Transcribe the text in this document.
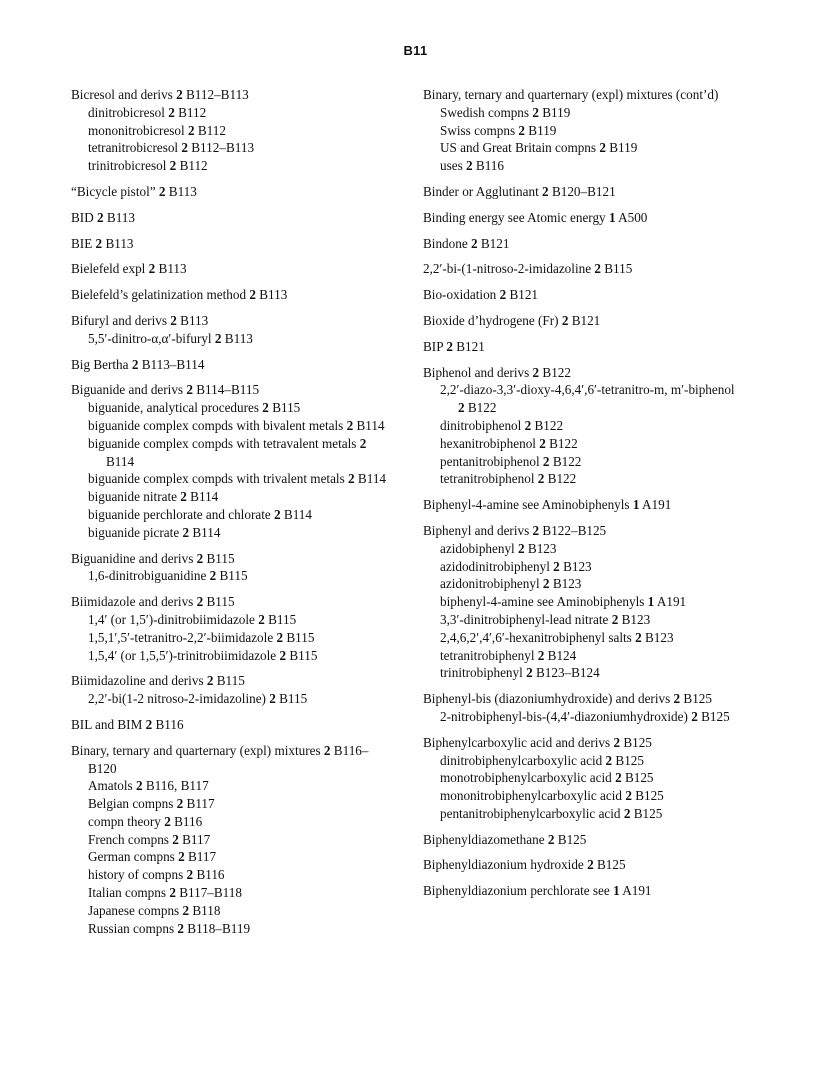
B11
Bicresol and derivs 2 B112–B113
dinitrobicresol 2 B112
mononitrobicresol 2 B112
tetranitrobicresol 2 B112–B113
trinitrobicresol 2 B112
“Bicycle pistol” 2 B113
BID 2 B113
BIE 2 B113
Bielefeld expl 2 B113
Bielefeld’s gelatinization method 2 B113
Bifuryl and derivs 2 B113
5,5′-dinitro-α,α′-bifuryl 2 B113
Big Bertha 2 B113–B114
Biguanide and derivs 2 B114–B115
biguanide, analytical procedures 2 B115
biguanide complex compds with bivalent metals 2 B114
biguanide complex compds with tetravalent metals 2 B114
biguanide complex compds with trivalent metals 2 B114
biguanide nitrate 2 B114
biguanide perchlorate and chlorate 2 B114
biguanide picrate 2 B114
Biguanidine and derivs 2 B115
1,6-dinitrobiguanidine 2 B115
Biimidazole and derivs 2 B115
1,4′ (or 1,5′)-dinitrobiimidazole 2 B115
1,5,1′,5′-tetranitro-2,2′-biimidazole 2 B115
1,5,4′ (or 1,5,5′)-trinitrobiimidazole 2 B115
Biimidazoline and derivs 2 B115
2,2′-bi(1-2 nitroso-2-imidazoline) 2 B115
BIL and BIM 2 B116
Binary, ternary and quarternary (expl) mixtures 2 B116–B120
Amatols 2 B116, B117
Belgian compns 2 B117
compn theory 2 B116
French compns 2 B117
German compns 2 B117
history of compns 2 B116
Italian compns 2 B117–B118
Japanese compns 2 B118
Russian compns 2 B118–B119
Binary, ternary and quarternary (expl) mixtures (cont’d)
Swedish compns 2 B119
Swiss compns 2 B119
US and Great Britain compns 2 B119
uses 2 B116
Binder or Agglutinant 2 B120–B121
Binding energy see Atomic energy 1 A500
Bindone 2 B121
2,2′-bi-(1-nitroso-2-imidazoline 2 B115
Bio-oxidation 2 B121
Bioxide d’hydrogene (Fr) 2 B121
BIP 2 B121
Biphenol and derivs 2 B122
2,2′-diazo-3,3′-dioxy-4,6,4′,6′-tetranitro-m, m′-biphenol 2 B122
dinitrobiphenol 2 B122
hexanitrobiphenol 2 B122
pentanitrobiphenol 2 B122
tetranitrobiphenol 2 B122
Biphenyl-4-amine see Aminobiphenyls 1 A191
Biphenyl and derivs 2 B122–B125
azidobiphenyl 2 B123
azidodinitrobiphenyl 2 B123
azidonitrobiphenyl 2 B123
biphenyl-4-amine see Aminobiphenyls 1 A191
3,3′-dinitrobiphenyl-lead nitrate 2 B123
2,4,6,2′,4′,6′-hexanitrobiphenyl salts 2 B123
tetranitrobiphenyl 2 B124
trinitrobiphenyl 2 B123–B124
Biphenyl-bis (diazoniumhydroxide) and derivs 2 B125
2-nitrobiphenyl-bis-(4,4′-diazoniumhydroxide) 2 B125
Biphenylcarboxylic acid and derivs 2 B125
dinitrobiphenylcarboxylic acid 2 B125
monotrobiphenylcarboxylic acid 2 B125
mononitrobiphenylcarboxylic acid 2 B125
pentanitrobiphenylcarboxylic acid 2 B125
Biphenyldiazomethane 2 B125
Biphenyldiazonium hydroxide 2 B125
Biphenyldiazonium perchlorate see 1 A191
